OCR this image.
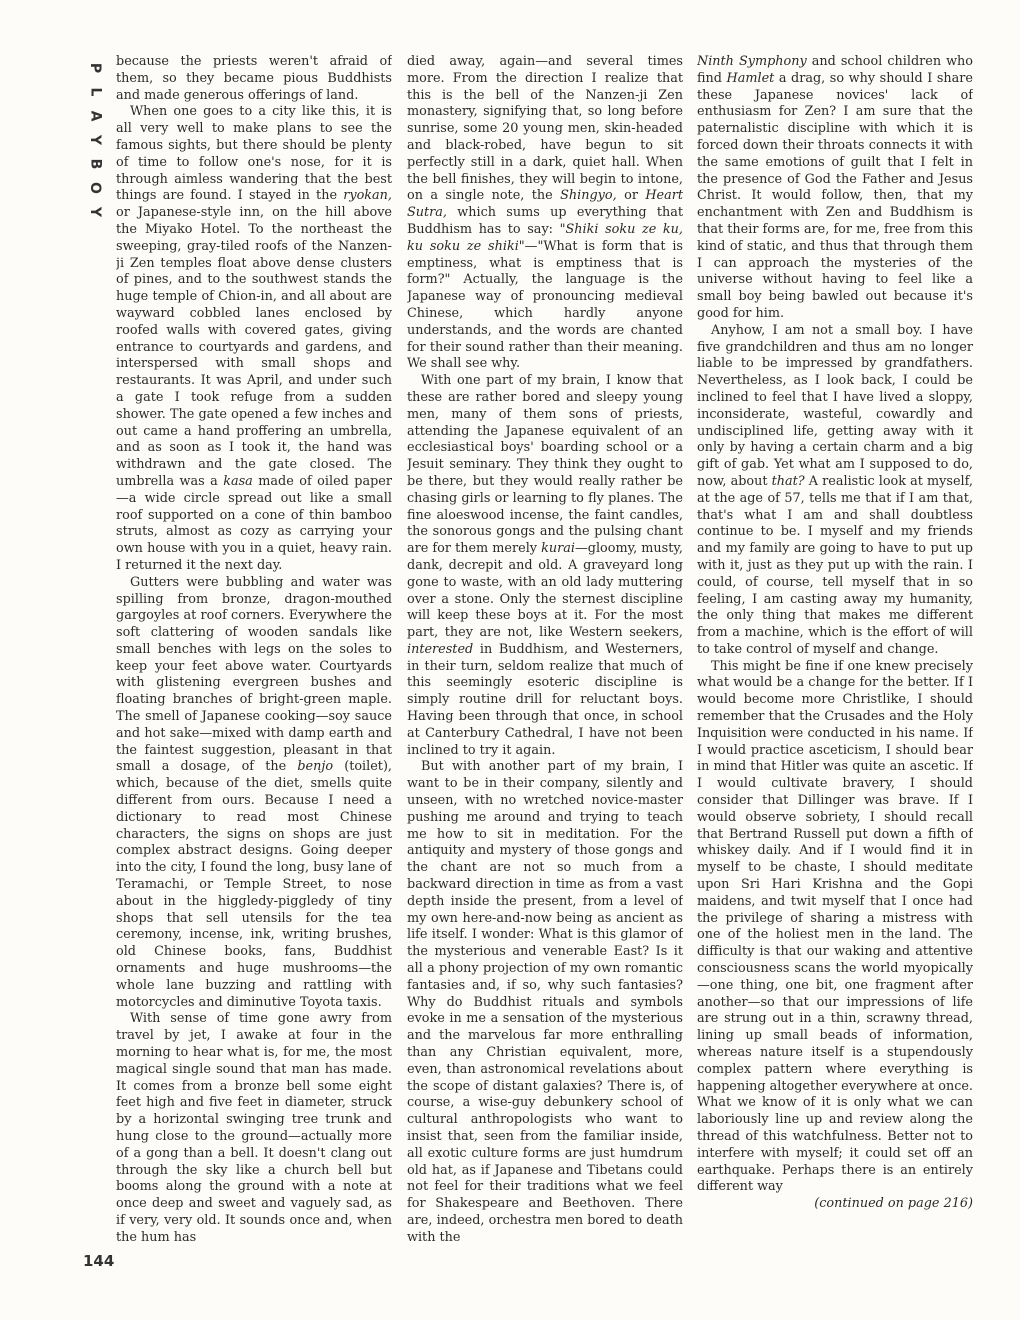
P
L
A
Y
B
O
Y
144

because the priests weren't afraid of them, so they became pious Buddhists and made generous offerings of land.

When one goes to a city like this, it is all very well to make plans to see the famous sights, but there should be plenty of time to follow one's nose, for it is through aimless wandering that the best things are found. I stayed in the ryokan, or Japanese-style inn, on the hill above the Miyako Hotel. To the northeast the sweeping, gray-tiled roofs of the Nanzen-ji Zen temples float above dense clusters of pines, and to the southwest stands the huge temple of Chion-in, and all about are wayward cobbled lanes enclosed by roofed walls with covered gates, giving entrance to courtyards and gardens, and interspersed with small shops and restaurants. It was April, and under such a gate I took refuge from a sudden shower. The gate opened a few inches and out came a hand proffering an umbrella, and as soon as I took it, the hand was withdrawn and the gate closed. The umbrella was a kasa made of oiled paper—a wide circle spread out like a small roof supported on a cone of thin bamboo struts, almost as cozy as carrying your own house with you in a quiet, heavy rain. I returned it the next day.

Gutters were bubbling and water was spilling from bronze, dragon-mouthed gargoyles at roof corners. Everywhere the soft clattering of wooden sandals like small benches with legs on the soles to keep your feet above water. Courtyards with glistening evergreen bushes and floating branches of bright-green maple. The smell of Japanese cooking—soy sauce and hot sake—mixed with damp earth and the faintest suggestion, pleasant in that small a dosage, of the benjo (toilet), which, because of the diet, smells quite different from ours. Because I need a dictionary to read most Chinese characters, the signs on shops are just complex abstract designs. Going deeper into the city, I found the long, busy lane of Teramachi, or Temple Street, to nose about in the higgledy-piggledy of tiny shops that sell utensils for the tea ceremony, incense, ink, writing brushes, old Chinese books, fans, Buddhist ornaments and huge mushrooms—the whole lane buzzing and rattling with motorcycles and diminutive Toyota taxis.

With sense of time gone awry from travel by jet, I awake at four in the morning to hear what is, for me, the most magical single sound that man has made. It comes from a bronze bell some eight feet high and five feet in diameter, struck by a horizontal swinging tree trunk and hung close to the ground—actually more of a gong than a bell. It doesn't clang out through the sky like a church bell but booms along the ground with a note at once deep and sweet and vaguely sad, as if very, very old. It sounds once and, when the hum has

died away, again—and several times more. From the direction I realize that this is the bell of the Nanzen-ji Zen monastery, signifying that, so long before sunrise, some 20 young men, skin-headed and black-robed, have begun to sit perfectly still in a dark, quiet hall. When the bell finishes, they will begin to intone, on a single note, the Shingyo, or Heart Sutra, which sums up everything that Buddhism has to say: "Shiki soku ze ku, ku soku ze shiki"—"What is form that is emptiness, what is emptiness that is form?" Actually, the language is the Japanese way of pronouncing medieval Chinese, which hardly anyone understands, and the words are chanted for their sound rather than their meaning. We shall see why.

With one part of my brain, I know that these are rather bored and sleepy young men, many of them sons of priests, attending the Japanese equivalent of an ecclesiastical boys' boarding school or a Jesuit seminary. They think they ought to be there, but they would really rather be chasing girls or learning to fly planes. The fine aloeswood incense, the faint candles, the sonorous gongs and the pulsing chant are for them merely kurai—gloomy, musty, dank, decrepit and old. A graveyard long gone to waste, with an old lady muttering over a stone. Only the sternest discipline will keep these boys at it. For the most part, they are not, like Western seekers, interested in Buddhism, and Westerners, in their turn, seldom realize that much of this seemingly esoteric discipline is simply routine drill for reluctant boys. Having been through that once, in school at Canterbury Cathedral, I have not been inclined to try it again.

But with another part of my brain, I want to be in their company, silently and unseen, with no wretched novice-master pushing me around and trying to teach me how to sit in meditation. For the antiquity and mystery of those gongs and the chant are not so much from a backward direction in time as from a vast depth inside the present, from a level of my own here-and-now being as ancient as life itself. I wonder: What is this glamor of the mysterious and venerable East? Is it all a phony projection of my own romantic fantasies and, if so, why such fantasies? Why do Buddhist rituals and symbols evoke in me a sensation of the mysterious and the marvelous far more enthralling than any Christian equivalent, more, even, than astronomical revelations about the scope of distant galaxies? There is, of course, a wise-guy debunkery school of cultural anthropologists who want to insist that, seen from the familiar inside, all exotic culture forms are just humdrum old hat, as if Japanese and Tibetans could not feel for their traditions what we feel for Shakespeare and Beethoven. There are, indeed, orchestra men bored to death with the

Ninth Symphony and school children who find Hamlet a drag, so why should I share these Japanese novices' lack of enthusiasm for Zen? I am sure that the paternalistic discipline with which it is forced down their throats connects it with the same emotions of guilt that I felt in the presence of God the Father and Jesus Christ. It would follow, then, that my enchantment with Zen and Buddhism is that their forms are, for me, free from this kind of static, and thus that through them I can approach the mysteries of the universe without having to feel like a small boy being bawled out because it's good for him.

Anyhow, I am not a small boy. I have five grandchildren and thus am no longer liable to be impressed by grandfathers. Nevertheless, as I look back, I could be inclined to feel that I have lived a sloppy, inconsiderate, wasteful, cowardly and undisciplined life, getting away with it only by having a certain charm and a big gift of gab. Yet what am I supposed to do, now, about that? A realistic look at myself, at the age of 57, tells me that if I am that, that's what I am and shall doubtless continue to be. I myself and my friends and my family are going to have to put up with it, just as they put up with the rain. I could, of course, tell myself that in so feeling, I am casting away my humanity, the only thing that makes me different from a machine, which is the effort of will to take control of myself and change.

This might be fine if one knew precisely what would be a change for the better. If I would become more Christlike, I should remember that the Crusades and the Holy Inquisition were conducted in his name. If I would practice asceticism, I should bear in mind that Hitler was quite an ascetic. If I would cultivate bravery, I should consider that Dillinger was brave. If I would observe sobriety, I should recall that Bertrand Russell put down a fifth of whiskey daily. And if I would find it in myself to be chaste, I should meditate upon Sri Hari Krishna and the Gopi maidens, and twit myself that I once had the privilege of sharing a mistress with one of the holiest men in the land. The difficulty is that our waking and attentive consciousness scans the world myopically—one thing, one bit, one fragment after another—so that our impressions of life are strung out in a thin, scrawny thread, lining up small beads of information, whereas nature itself is a stupendously complex pattern where everything is happening altogether everywhere at once. What we know of it is only what we can laboriously line up and review along the thread of this watchfulness. Better not to interfere with myself; it could set off an earthquake. Perhaps there is an entirely different way

(continued on page 216)
